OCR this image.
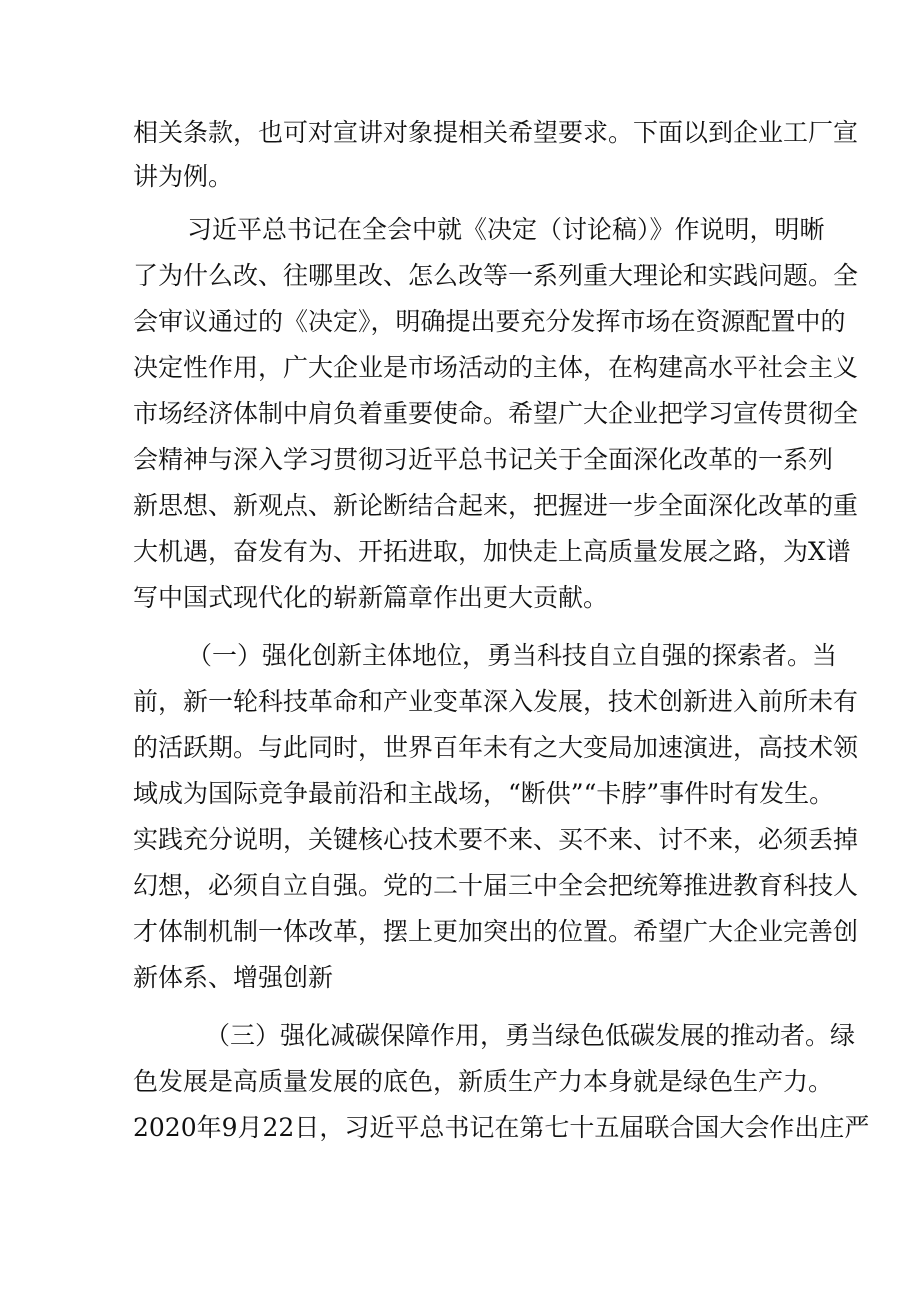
相关条款，也可对宣讲对象提相关希望要求。下面以到企业工厂宣
讲为例。
习近平总书记在全会中就《决定（讨论稿）》作说明，明晰
了为什么改、往哪里改、怎么改等一系列重大理论和实践问题。全
会审议通过的《决定》，明确提出要充分发挥市场在资源配置中的
决定性作用，广大企业是市场活动的主体，在构建高水平社会主义
市场经济体制中肩负着重要使命。希望广大企业把学习宣传贯彻全
会精神与深入学习贯彻习近平总书记关于全面深化改革的一系列
新思想、新观点、新论断结合起来，把握进一步全面深化改革的重
大机遇，奋发有为、开拓进取，加快走上高质量发展之路，为X谱
写中国式现代化的崭新篇章作出更大贡献。
（一）强化创新主体地位，勇当科技自立自强的探索者。当
前，新一轮科技革命和产业变革深入发展，技术创新进入前所未有
的活跃期。与此同时，世界百年未有之大变局加速演进，高技术领
域成为国际竞争最前沿和主战场，“断供”“卡脖”事件时有发生。
实践充分说明，关键核心技术要不来、买不来、讨不来，必须丢掉
幻想，必须自立自强。党的二十届三中全会把统筹推进教育科技人
才体制机制一体改革，摆上更加突出的位置。希望广大企业完善创
新体系、增强创新
（三）强化减碳保障作用，勇当绿色低碳发展的推动者。绿
色发展是高质量发展的底色，新质生产力本身就是绿色生产力。
2020年9月22日，习近平总书记在第七十五届联合国大会作出庄严
